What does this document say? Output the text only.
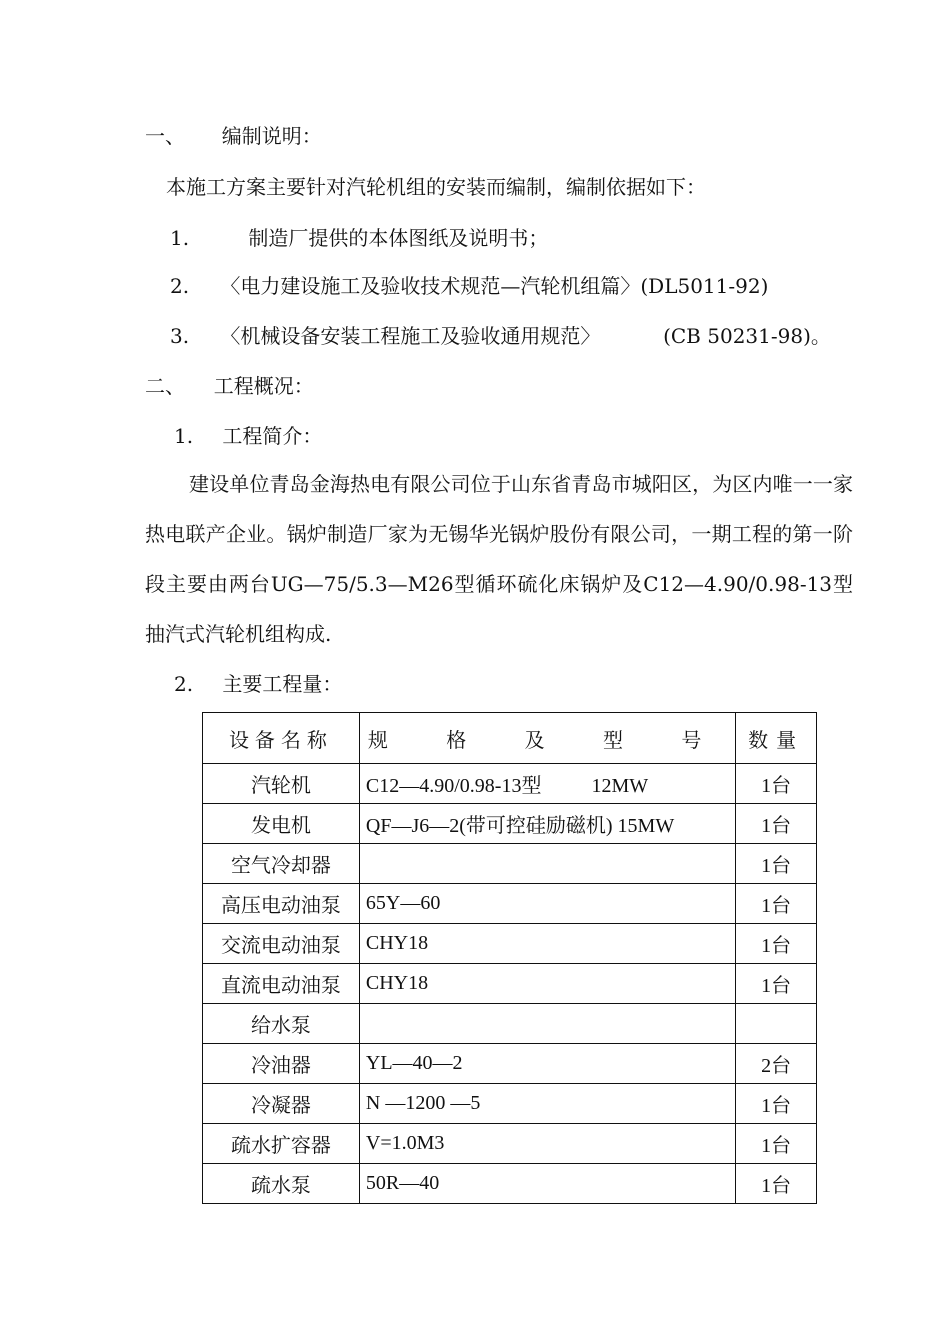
一、 编制说明：
本施工方案主要针对汽轮机组的安装而编制，编制依据如下：
1.	制造厂提供的本体图纸及说明书；
2. 〈电力建设施工及验收技术规范—汽轮机组篇〉(DL5011-92)
3. 〈机械设备安装工程施工及验收通用规范〉	(CB 50231-98)。
二、 工程概况：
1. 工程简介：
建设单位青岛金海热电有限公司位于山东省青岛市城阳区，为区内唯一一家热电联产企业。锅炉制造厂家为无锡华光锅炉股份有限公司，一期工程的第一阶段主要由两台UG—75/5.3—M26型循环硫化床锅炉及C12—4.90/0.98-13型抽汽式汽轮机组构成.
2. 主要工程量：
设备名称	规 格 及 型 号	数量
汽轮机	C12—4.90/0.98-13型          12MW	1台
发电机	QF—J6—2(带可控硅励磁机) 15MW	1台
空气冷却器		1台
高压电动油泵	65Y—60	1台
交流电动油泵	CHY18	1台
直流电动油泵	CHY18	1台
给水泵		
冷油器	YL—40—2	2台
冷凝器	N —1200 —5	1台
疏水扩容器	V=1.0M3	1台
疏水泵	50R—40	1台
